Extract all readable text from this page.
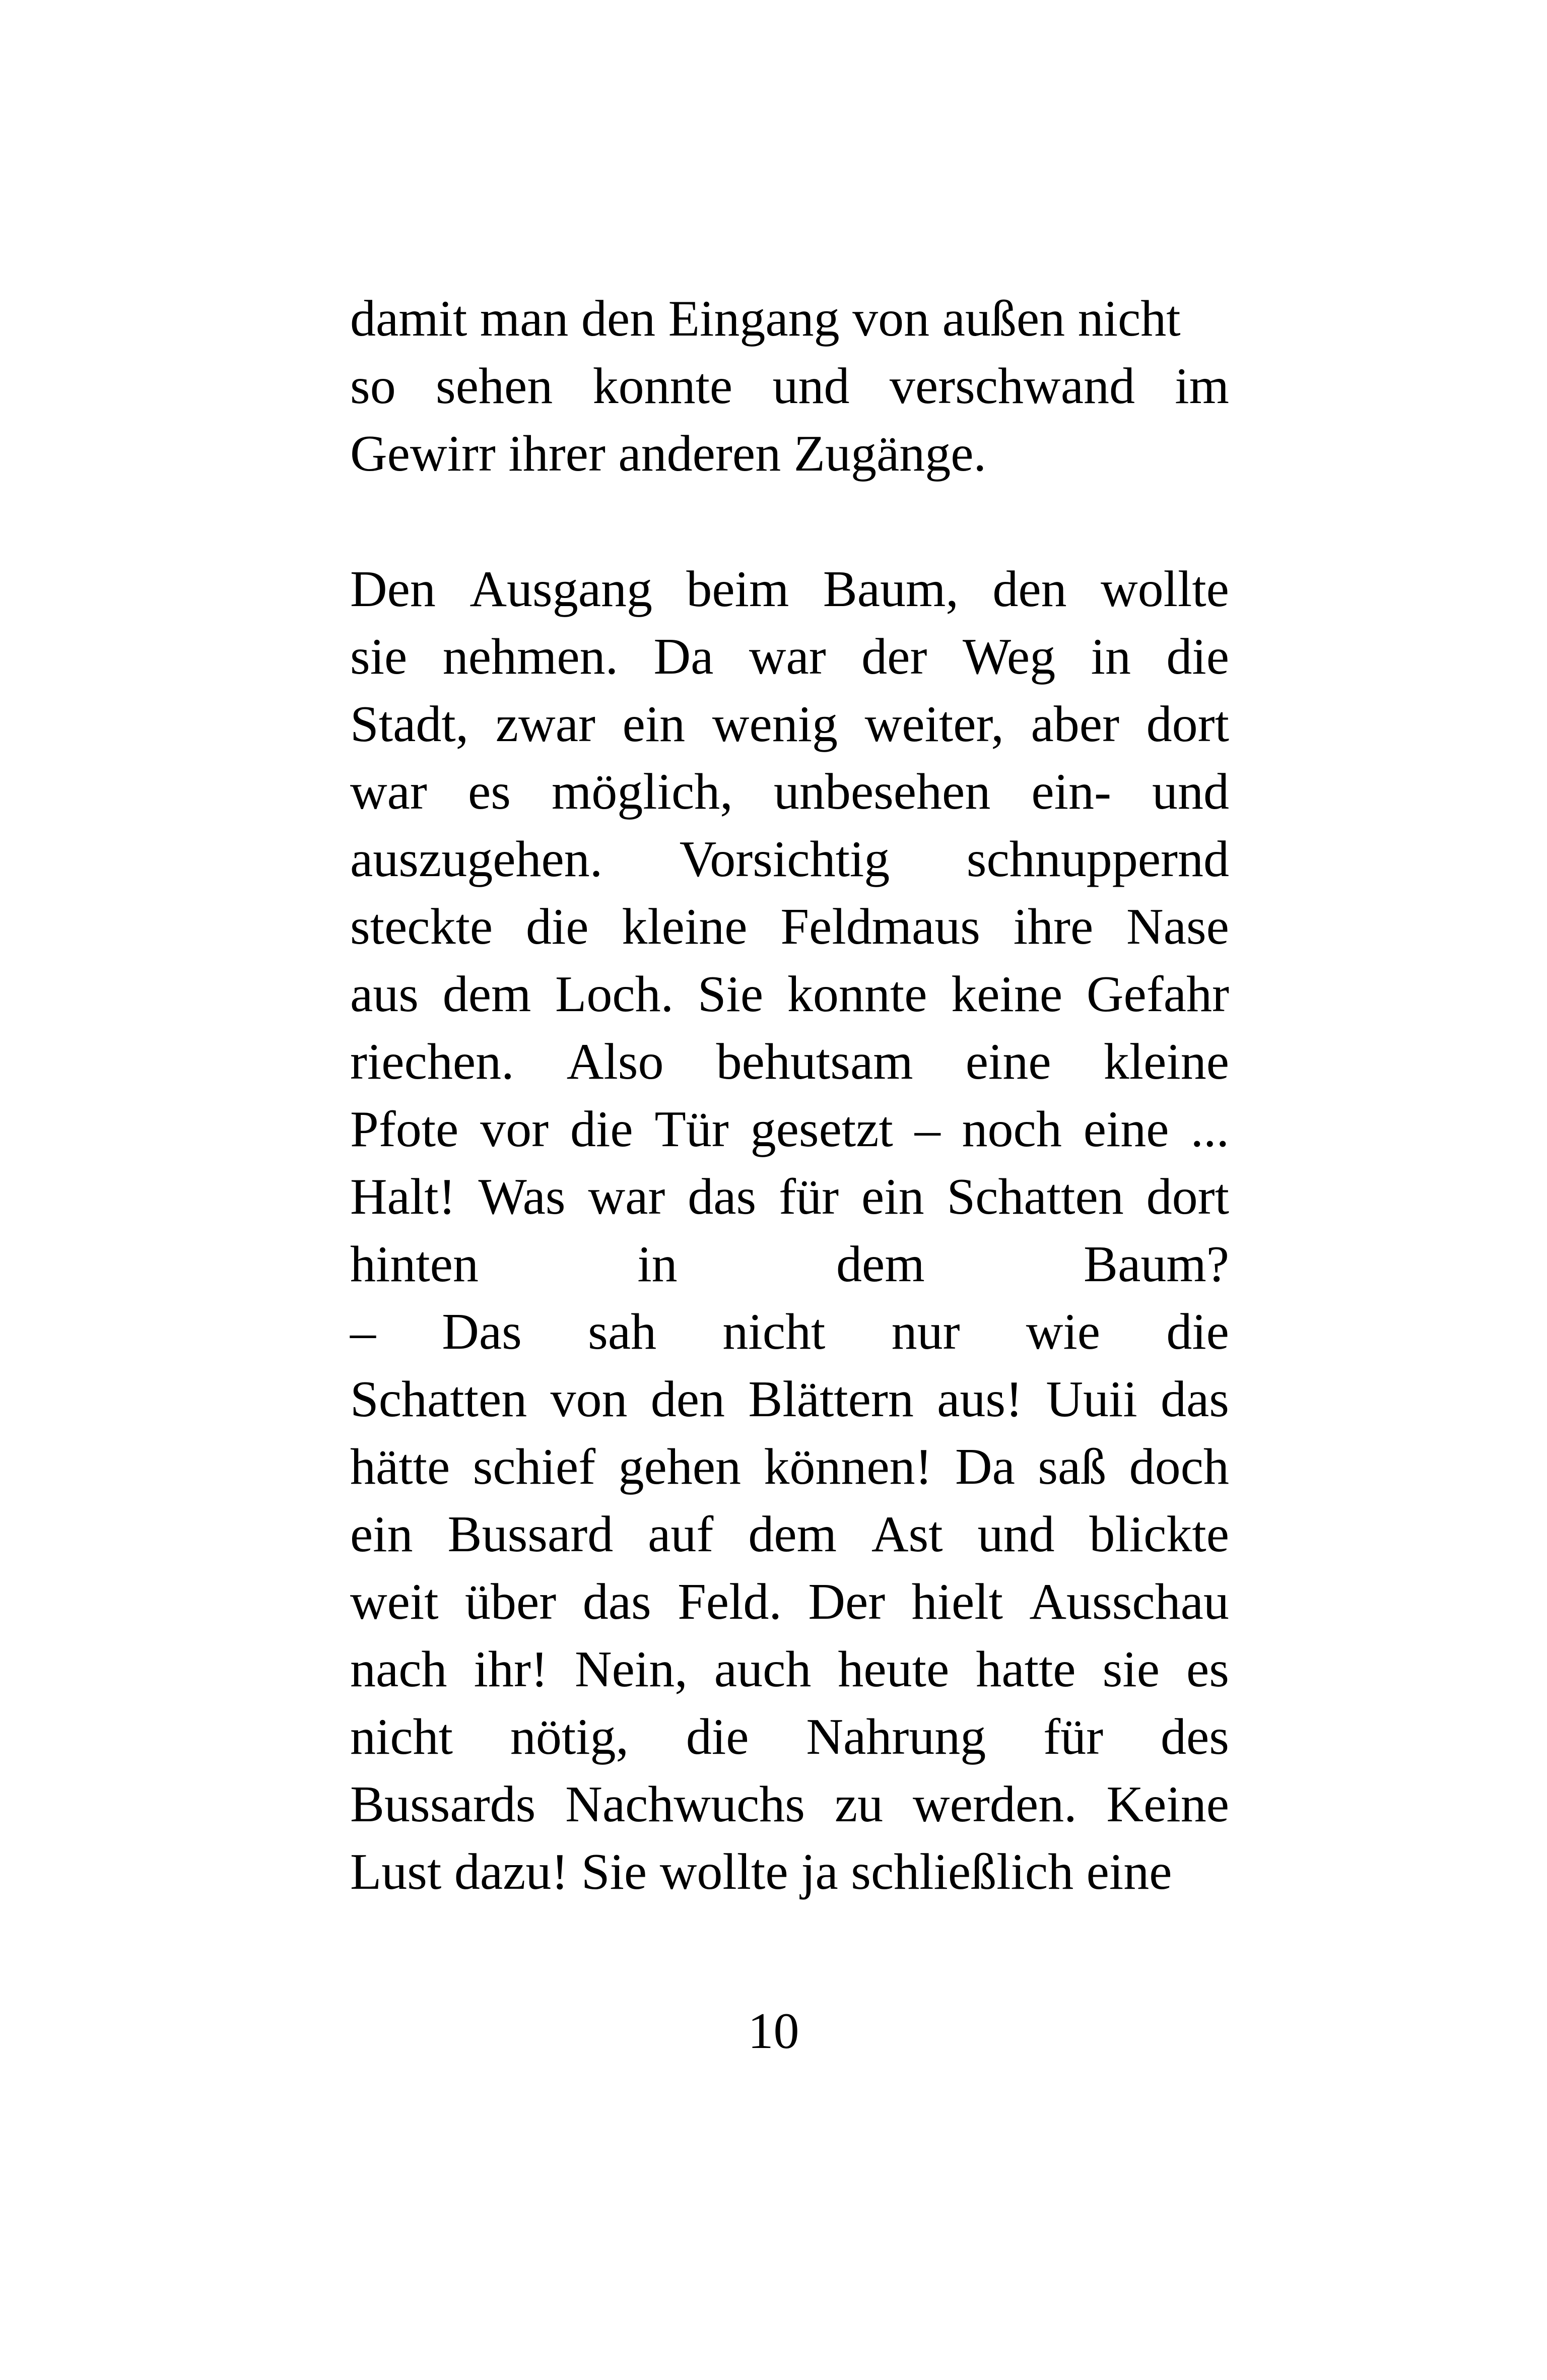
damit man den Eingang von außen nicht
so sehen konnte und verschwand im
Gewirr ihrer anderen Zugänge.
Den Ausgang beim Baum, den wollte
sie nehmen. Da war der Weg in die
Stadt, zwar ein wenig weiter, aber dort
war es möglich, unbesehen ein- und
auszugehen. Vorsichtig schnuppernd
steckte die kleine Feldmaus ihre Nase
aus dem Loch. Sie konnte keine Gefahr
riechen. Also behutsam eine kleine
Pfote vor die Tür gesetzt – noch eine ...
Halt! Was war das für ein Schatten dort
hinten	in	dem	Baum?
– Das sah nicht nur wie die
Schatten von den Blättern aus! Uuii das
hätte schief gehen können! Da saß doch
ein Bussard auf dem Ast und blickte
weit über das Feld. Der hielt Ausschau
nach ihr! Nein, auch heute hatte sie es
nicht nötig, die Nahrung für des
Bussards Nachwuchs zu werden. Keine
Lust dazu! Sie wollte ja schließlich eine
10
